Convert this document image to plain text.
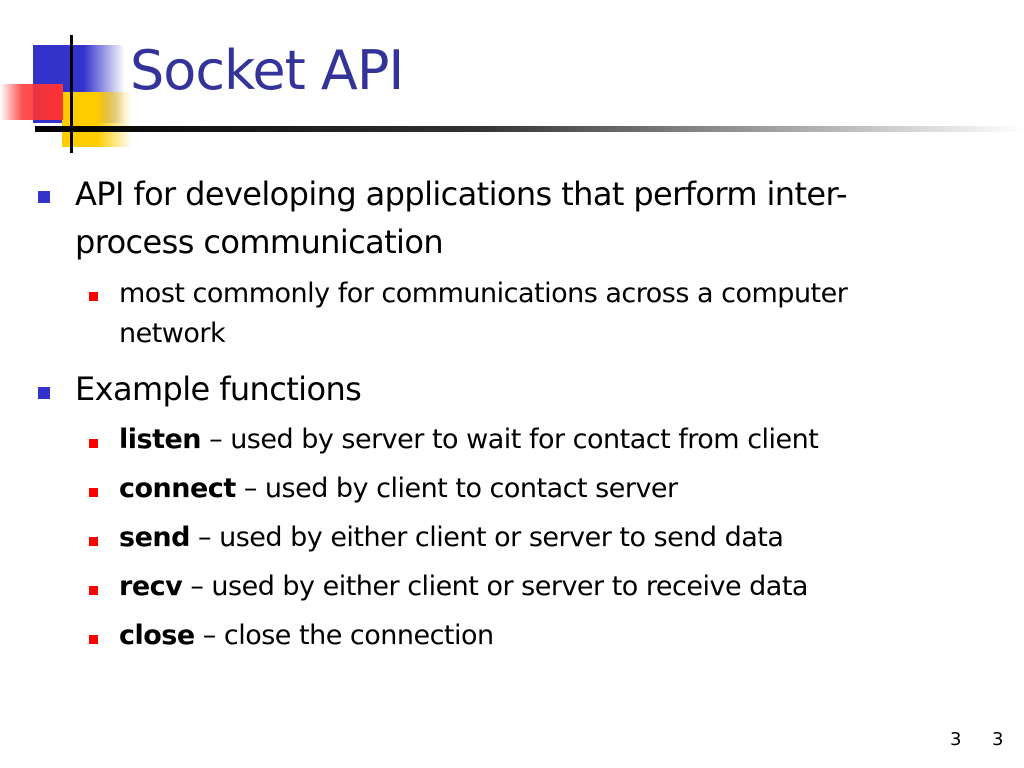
Socket API
API for developing applications that perform inter-
process communication
most commonly for communications across a computer
network
Example functions
listen – used by server to wait for contact from client
connect – used by client to contact server
send – used by either client or server to send data
recv – used by either client or server to receive data
close – close the connection
3 3
